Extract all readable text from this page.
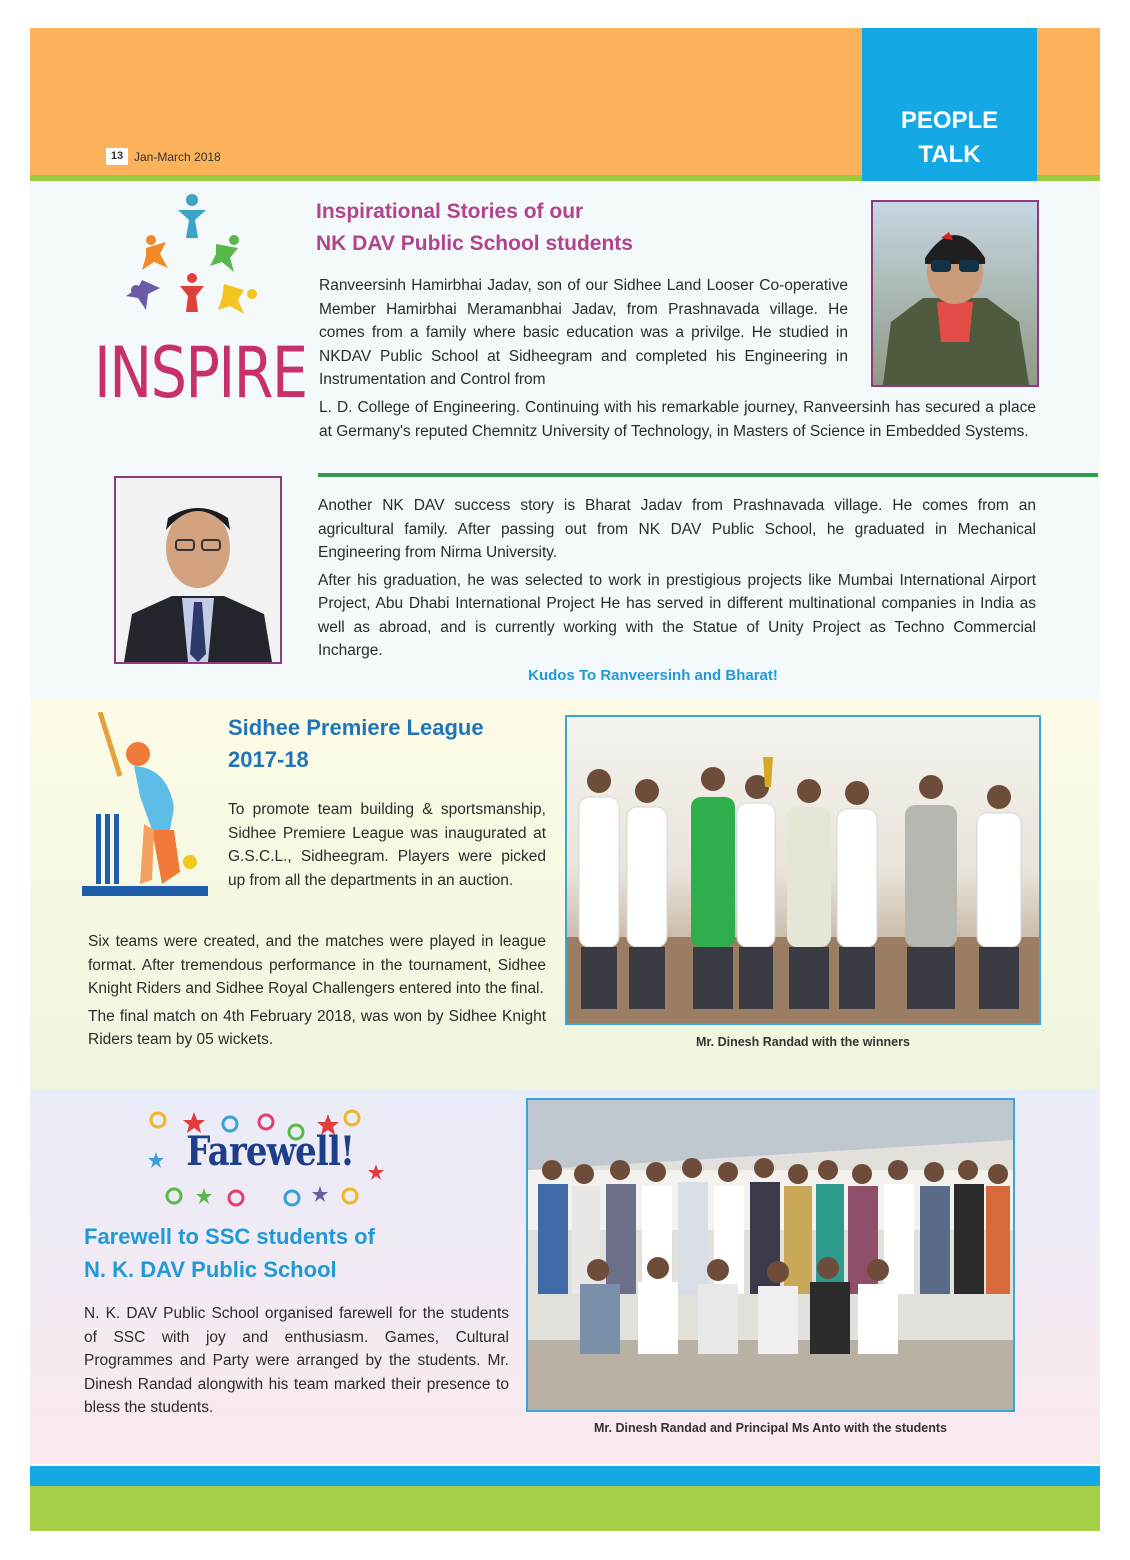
PEOPLE
TALK
13 Jan-March 2018
INSPIRE
Inspirational Stories of our
NK DAV Public School students

Ranveersinh Hamirbhai Jadav, son of our Sidhee Land Looser Co-operative Member Hamirbhai Meramanbhai Jadav, from Prashnavada village. He comes from a family where basic education was a privilge. He studied in NKDAV Public School at Sidheegram and completed his Engineering in Instrumentation and Control from

L. D. College of Engineering. Continuing with his remarkable journey, Ranveersinh has secured a place at Germany's reputed Chemnitz University of Technology, in Masters of Science in Embedded Systems.

Another NK DAV success story is Bharat Jadav from Prashnavada village. He comes from an agricultural family. After passing out from NK DAV Public School, he graduated in Mechanical Engineering from Nirma University.

After his graduation, he was selected to work in prestigious projects like Mumbai International Airport Project, Abu Dhabi International Project He has served in different multinational companies in India as well as abroad, and is currently working with the Statue of Unity Project as Techno Commercial Incharge.

Kudos To Ranveersinh and Bharat!
Sidhee Premiere League
2017-18

To promote team building & sportsmanship, Sidhee Premiere League was inaugurated at G.S.C.L., Sidheegram. Players were picked up from all the departments in an auction.

Six teams were created, and the matches were played in league format. After tremendous performance in the tournament, Sidhee Knight Riders and Sidhee Royal Challengers entered into the final.

The final match on 4th February 2018, was won by Sidhee Knight Riders team by 05 wickets.	Mr. Dinesh Randad with the winners
Farewell!
Farewell to SSC students of
N. K. DAV Public School

N. K. DAV Public School organised farewell for the students of SSC with joy and enthusiasm. Games, Cultural Programmes and Party were arranged by the students. Mr. Dinesh Randad alongwith his team marked their presence to bless the students.

Mr. Dinesh Randad and Principal Ms Anto with the students
